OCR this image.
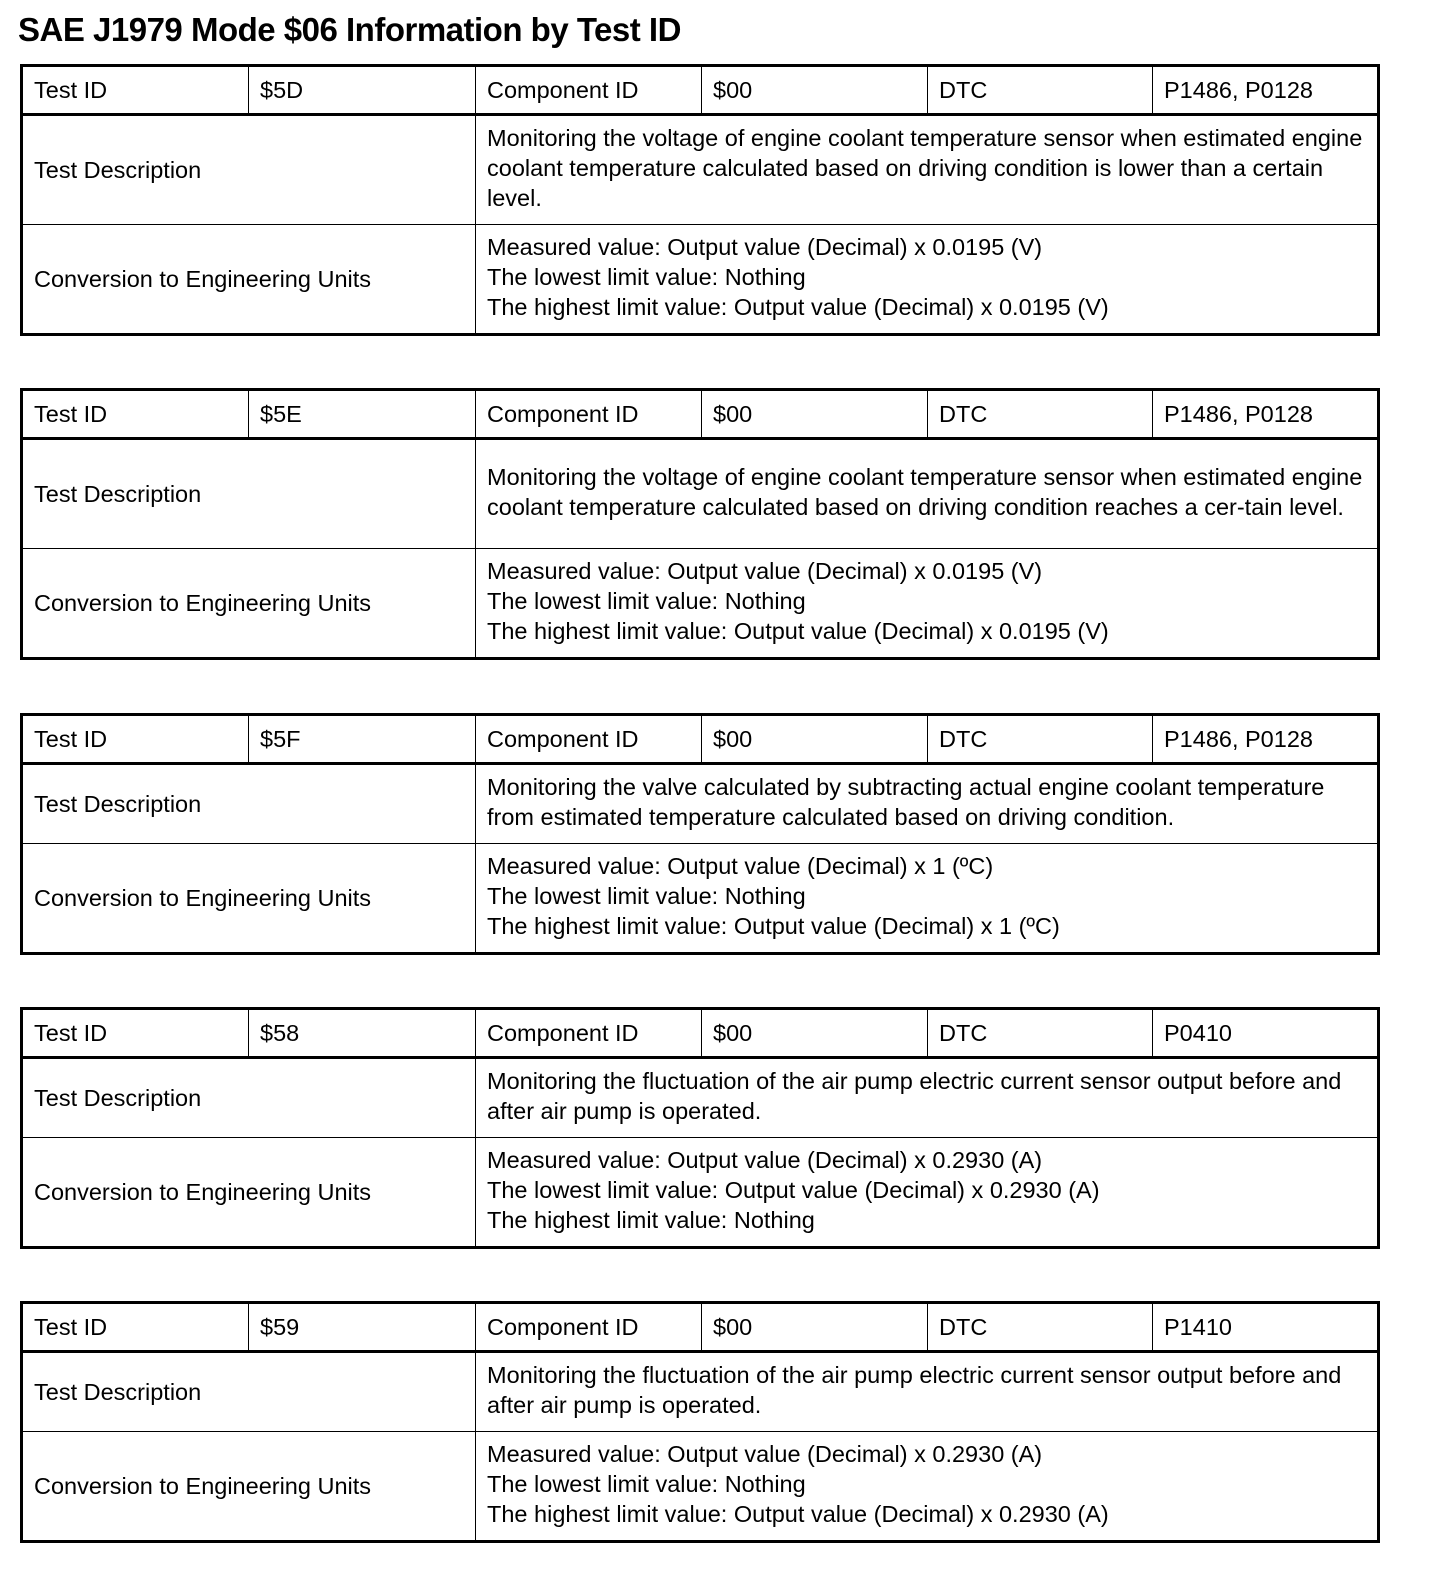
SAE J1979 Mode $06 Information by Test ID
Test ID	$5D	Component ID	$00	DTC	P1486, P0128
Test Description		Monitoring the voltage of engine coolant temperature sensor when estimated engine coolant temperature calculated based on driving condition is lower than a certain level.			
Conversion to Engineering Units		Measured value: Output value (Decimal) x 0.0195 (V)
The lowest limit value: Nothing
The highest limit value: Output value (Decimal) x 0.0195 (V)			
Test ID	$5E	Component ID	$00	DTC	P1486, P0128
Test Description		Monitoring the voltage of engine coolant temperature sensor when estimated engine coolant temperature calculated based on driving condition reaches a cer-tain level.			
Conversion to Engineering Units		Measured value: Output value (Decimal) x 0.0195 (V)
The lowest limit value: Nothing
The highest limit value: Output value (Decimal) x 0.0195 (V)			
Test ID	$5F	Component ID	$00	DTC	P1486, P0128
Test Description		Monitoring the valve calculated by subtracting actual engine coolant temperature from estimated temperature calculated based on driving condition.			
Conversion to Engineering Units		Measured value: Output value (Decimal) x 1 (ºC)
The lowest limit value: Nothing
The highest limit value: Output value (Decimal) x 1 (ºC)			
Test ID	$58	Component ID	$00	DTC	P0410
Test Description		Monitoring the fluctuation of the air pump electric current sensor output before and after air pump is operated.			
Conversion to Engineering Units		Measured value: Output value (Decimal) x 0.2930 (A)
The lowest limit value: Output value (Decimal) x 0.2930 (A)
The highest limit value: Nothing			
Test ID	$59	Component ID	$00	DTC	P1410
Test Description		Monitoring the fluctuation of the air pump electric current sensor output before and after air pump is operated.			
Conversion to Engineering Units		Measured value: Output value (Decimal) x 0.2930 (A)
The lowest limit value: Nothing
The highest limit value: Output value (Decimal) x 0.2930 (A)			
